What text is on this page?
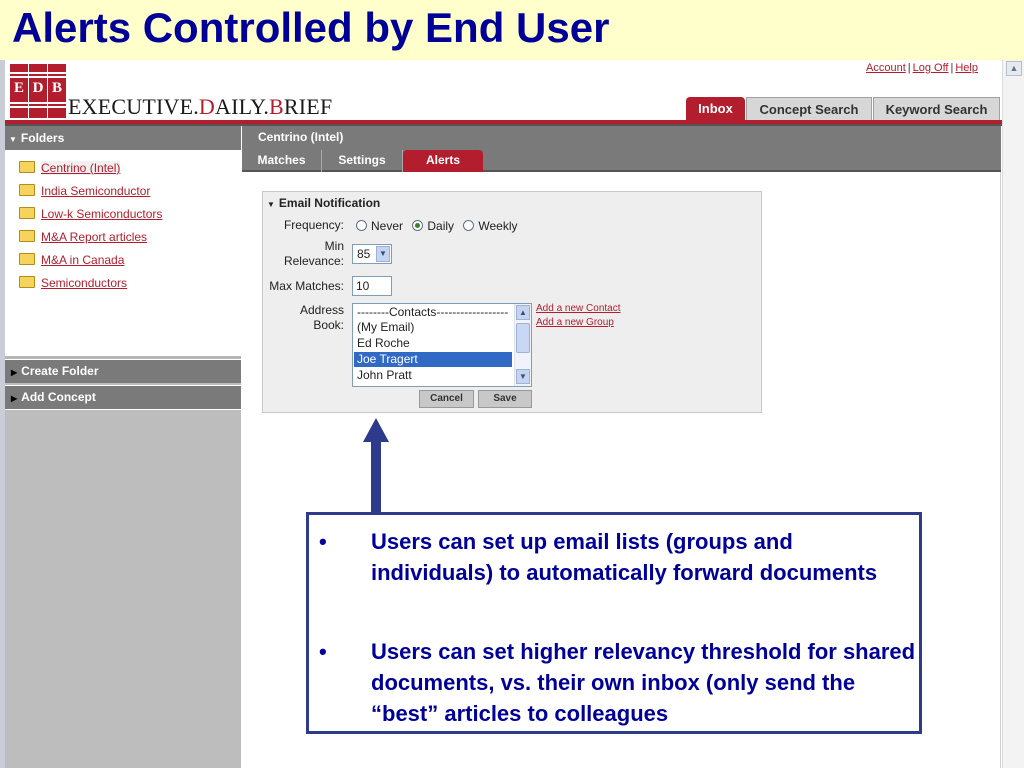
Alerts Controlled by End User
▲
E D B
EXECUTIVE.DAILY.BRIEF
Account | Log Off | Help
Inbox	Concept Search	Keyword Search
▼ Folders
Centrino (Intel)
India Semiconductor
Low-k Semiconductors
M&A Report articles
M&A in Canada
Semiconductors
▶ Create Folder
▶ Add Concept
Centrino (Intel)
Matches	Settings	Alerts
▼ Email Notification
Frequency:	Never Daily Weekly
Min
Relevance:	85	▼
Max Matches:	10
Address
Book:
--------Contacts------------------
(My Email)
Ed Roche
Joe Tragert
John Pratt
▲
▼
Add a new Contact
Add a new Group
Cancel	Save
• Users can set up email lists (groups and individuals) to automatically forward documents
• Users can set higher relevancy threshold for shared documents, vs. their own inbox (only send the “best” articles to colleagues
